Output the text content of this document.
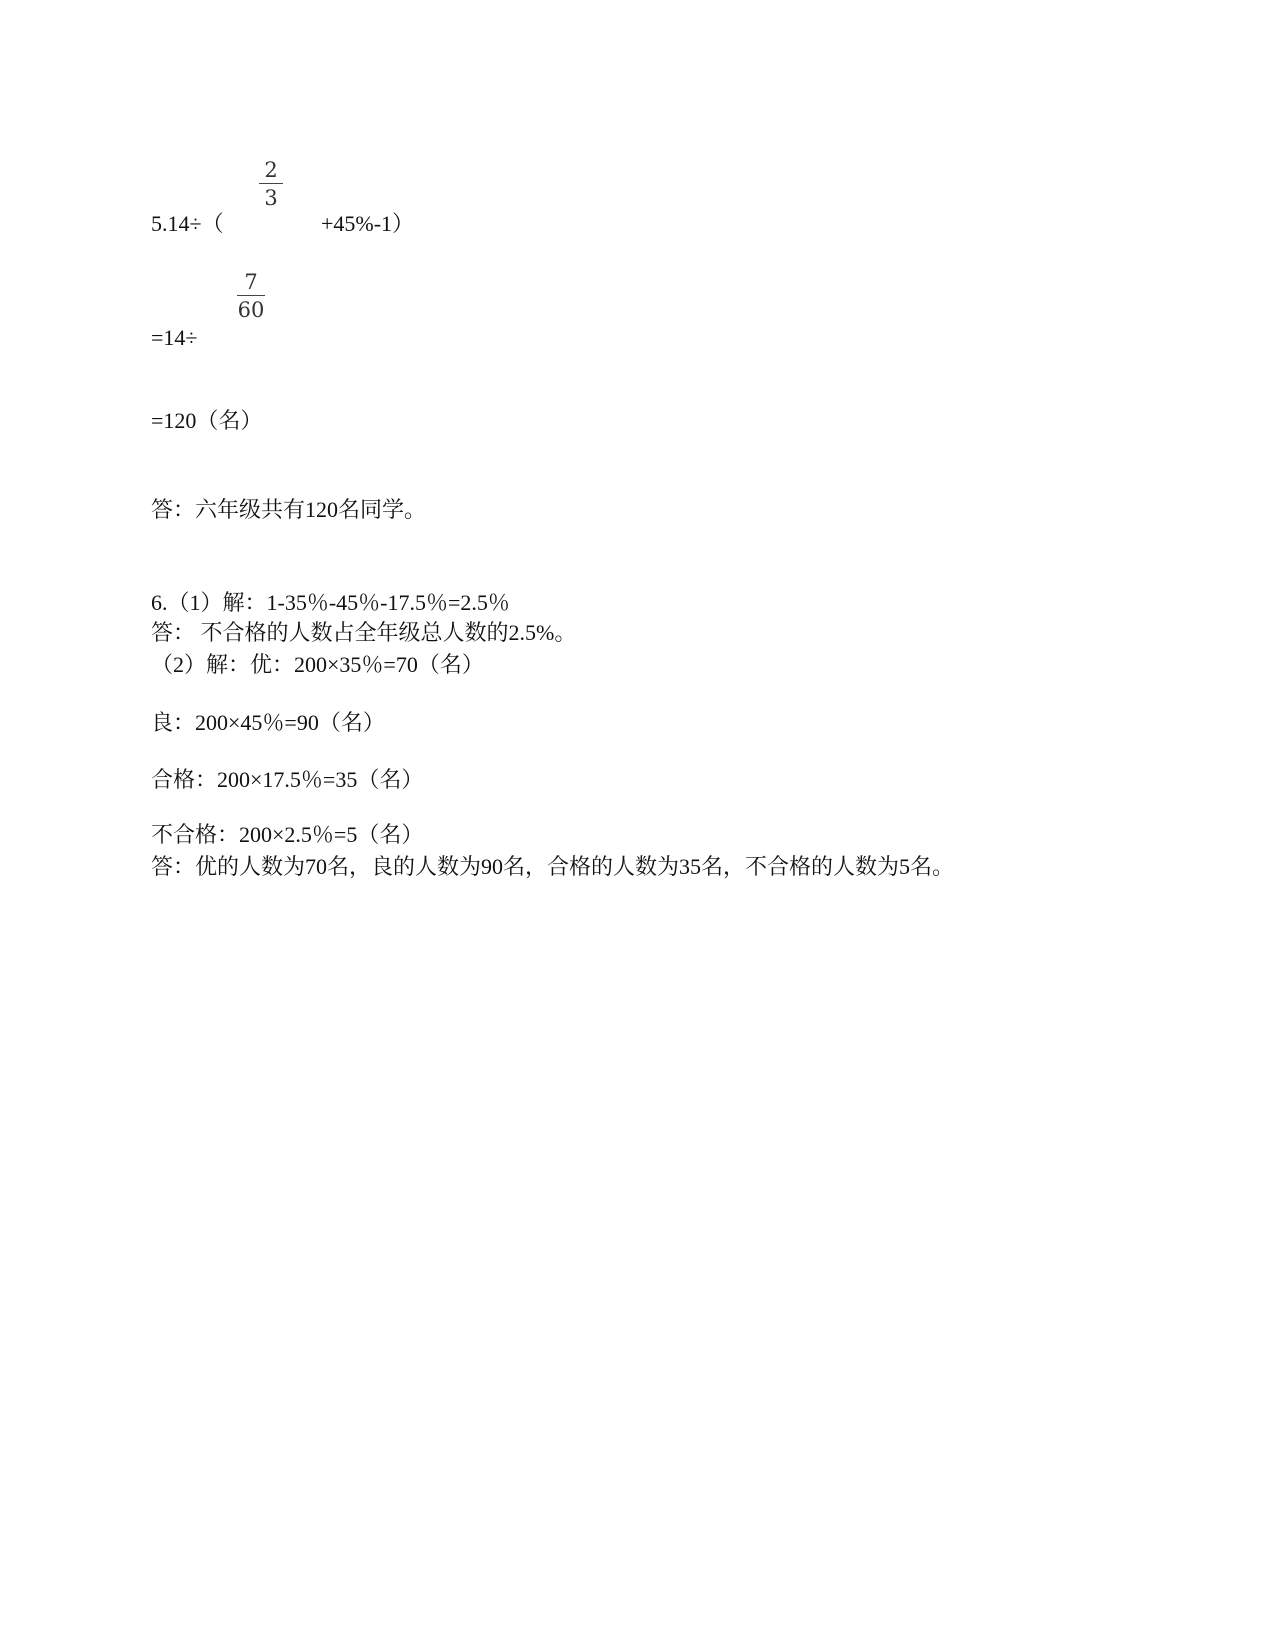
5.14÷（
2
3
+45%-1）
7
60
=14÷
=120（名）
答：六年级共有120名同学。
6.（1）解：1-35％-45％-17.5％=2.5％
答： 不合格的人数占全年级总人数的2.5%。
（2）解：优：200×35％=70（名）
良：200×45％=90（名）
合格：200×17.5％=35（名）
不合格：200×2.5％=5（名）
答：优的人数为70名，良的人数为90名，合格的人数为35名，不合格的人数为5名。
